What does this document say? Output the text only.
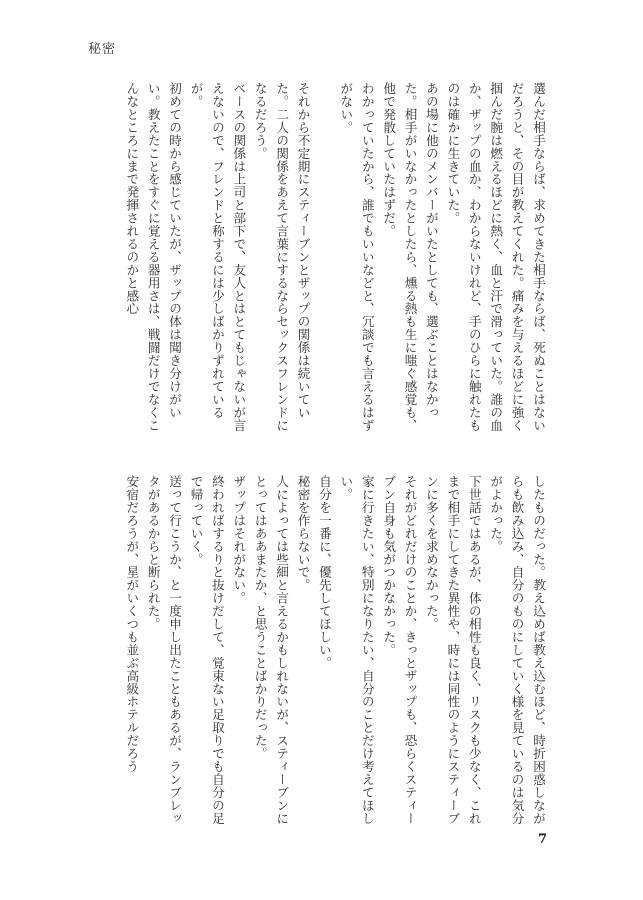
秘密

選んだ相手ならば、求めてきた相手ならば、死ぬことはないだろうと、その目が教えてくれた。痛みを与えるほどに強く掴んだ腕は燃えるほどに熱く、血と汗で滑っていた。誰の血か、ザップの血か、わからないけれど、手のひらに触れたものは確かに生きていた。

あの場に他のメンバーがいたとしても、選ぶことはなかった。相手がいなかったとしたら、燻る熱も生に嗤ぐ感覚も、他で発散していたはずだ。

わかっていたから、誰でもいいなどと、冗談でも言えるはずがない。

それから不定期にスティーブンとザップの関係は続いていた。二人の関係をあえて言葉にするならセックスフレンドになるだろう。

ベースの関係は上司と部下で、友人とはとてもじゃないが言えないので、フレンドと称するには少しばかりずれているが。

初めての時から感じていたが、ザップの体は聞き分けがいい。教えたことをすぐに覚える器用さは、戦闘だけでなくこんなところにまで発揮されるのかと感心

したものだった。教え込めば教え込むほど、時折困惑しながらも飲み込み、自分のものにしていく様を見ているのは気分がよかった。

下世話ではあるが、体の相性も良く、リスクも少なく、これまで相手にしてきた異性や、時には同性のようにスティーブンに多くを求めなかった。

それがどれだけのことか、きっとザップも、恐らくスティーブン自身も気がつかなかった。

家に行きたい、特別になりたい、自分のことだけ考えてほしい。

自分を一番に、優先してほしい。

秘密を作らないで。

人によっては些細と言えるかもしれないが、スティーブンにとってはああまたか、と思うことばかりだった。

ザップはそれがない。

終わればするりと抜けだして、覚束ない足取りでも自分の足で帰っていく。

送って行こうか、と一度申し出たこともあるが、ランブレッタがあるからと断られた。

安宿だろうが、星がいくつも並ぶ高級ホテルだろう

7
